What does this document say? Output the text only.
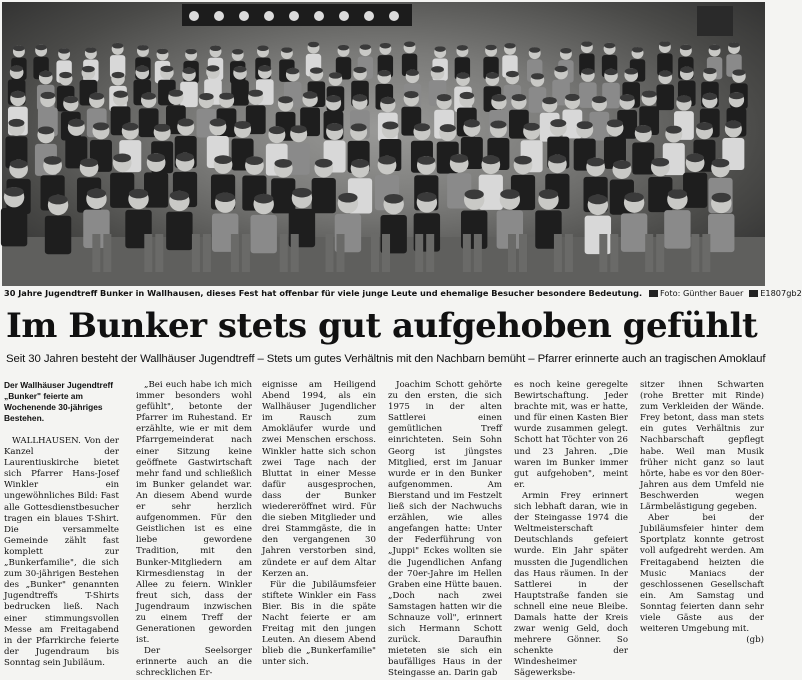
30 Jahre Jugendtreff Bunker in Wallhausen, dieses Fest hat offenbar für viele junge Leute und ehemalige Besucher besondere Bedeutung. Foto: Günther Bauer E1807gb2
Im Bunker stets gut aufgehoben gefühlt
Seit 30 Jahren besteht der Wallhäuser Jugendtreff – Stets um gutes Verhältnis mit den Nachbarn bemüht – Pfarrer erinnerte auch an tragischen Amoklauf

Der Wallhäuser Jugendtreff „Bunker" feierte am Wochenende 30-jähriges Bestehen.

WALLHAUSEN. Von der Kanzel der Laurentiuskirche bietet sich Pfarrer Hans-Josef Winkler ein ungewöhnliches Bild: Fast alle Gottesdienstbesucher tragen ein blaues T-Shirt. Die versammelte Gemeinde zählt fast komplett zur „Bunkerfamilie", die sich zum 30-jährigen Bestehen des „Bunker" genannten Jugendtreffs T-Shirts bedrucken ließ. Nach einer stimmungsvollen Messe am Freitagabend in der Pfarrkirche feierte der Jugendraum bis Sonntag sein Jubiläum.

„Bei euch habe ich mich immer besonders wohl gefühlt", betonte der Pfarrer im Ruhestand. Er erzählte, wie er mit dem Pfarrgemeinderat nach einer Sitzung keine geöffnete Gastwirtschaft mehr fand und schließlich im Bunker gelandet war. An diesem Abend wurde er sehr herzlich aufgenommen. Für den Geistlichen ist es eine liebe gewordene Tradition, mit den Bunker-Mitgliedern am Kirmesdienstag in der Allee zu feiern. Winkler freut sich, dass der Jugendraum inzwischen zu einem Treff der Generationen geworden ist.

Der Seelsorger erinnerte auch an die schrecklichen Er-

eignisse am Heiligend Abend 1994, als ein Wallhäuser Jugendlicher im Rausch zum Amokläufer wurde und zwei Menschen erschoss. Winkler hatte sich schon zwei Tage nach der Bluttat in einer Messe dafür ausgesprochen, dass der Bunker wiedereröffnet wird. Für die sieben Mitglieder und drei Stammgäste, die in den vergangenen 30 Jahren verstorben sind, zündete er auf dem Altar Kerzen an.

Für die Jubiläumsfeier stiftete Winkler ein Fass Bier. Bis in die späte Nacht feierte er am Freitag mit den jungen Leuten. An diesem Abend blieb die „Bunkerfamilie" unter sich.

Joachim Schott gehörte zu den ersten, die sich 1975 in der alten Sattlerei einen gemütlichen Treff einrichteten. Sein Sohn Georg ist jüngstes Mitglied, erst im Januar wurde er in den Bunker aufgenommen. Am Bierstand und im Festzelt ließ sich der Nachwuchs erzählen, wie alles angefangen hatte: Unter der Federführung von „Juppi" Eckes wollten sie die Jugendlichen Anfang der 70er-Jahre im Hellen Graben eine Hütte bauen. „Doch nach zwei Samstagen hatten wir die Schnauze voll", erinnert sich Hermann Schott zurück. Daraufhin mieteten sie sich ein baufälliges Haus in der Steingasse an. Darin gab

es noch keine geregelte Bewirtschaftung. Jeder brachte mit, was er hatte, und für einen Kasten Bier wurde zusammen gelegt. Schott hat Töchter von 26 und 23 Jahren. „Die waren im Bunker immer gut aufgehoben", meint er.

Armin Frey erinnert sich lebhaft daran, wie in der Steingasse 1974 die Weltmeisterschaft Deutschlands gefeiert wurde. Ein Jahr später mussten die Jugendlichen das Haus räumen. In der Sattlerei in der Hauptstraße fanden sie schnell eine neue Bleibe. Damals hatte der Kreis zwar wenig Geld, doch mehrere Gönner. So schenkte der Windesheimer Sägewerksbe-

sitzer ihnen Schwarten (rohe Bretter mit Rinde) zum Verkleiden der Wände. Frey betont, dass man stets ein gutes Verhältnis zur Nachbarschaft gepflegt habe. Weil man Musik früher nicht ganz so laut hörte, habe es vor den 80er-Jahren aus dem Umfeld nie Beschwerden wegen Lärmbelästigung gegeben.

Aber bei der Jubiläumsfeier hinter dem Sportplatz konnte getrost voll aufgedreht werden. Am Freitagabend heizten die Music Maniacs der geschlossenen Gesellschaft ein. Am Samstag und Sonntag feierten dann sehr viele Gäste aus der weiteren Umgebung mit.

(gb)
